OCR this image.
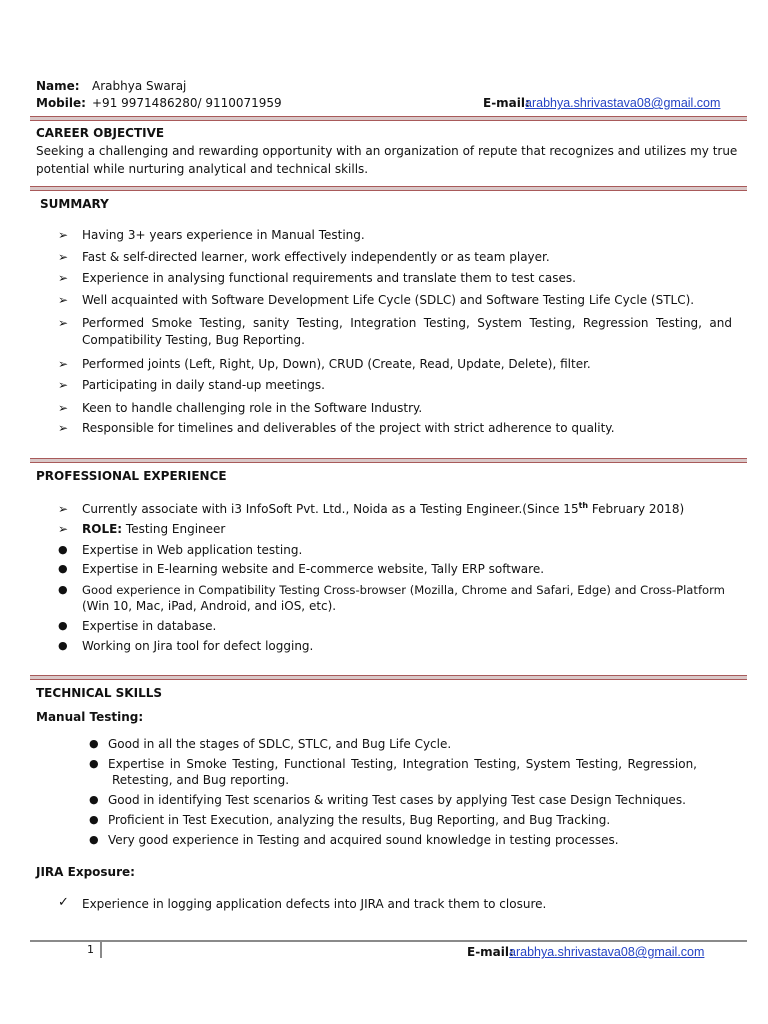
Name: Arabhya Swaraj
Mobile: +91 9971486280/ 9110071959	E-mail:
arabhya.shrivastava08@gmail.com
CAREER OBJECTIVE
Seeking a challenging and rewarding opportunity with an organization of repute that recognizes and utilizes my true
potential while nurturing analytical and technical skills.
SUMMARY
➢ Having 3+ years experience in Manual Testing.
➢ Fast & self-directed learner, work effectively independently or as team player.
➢ Experience in analysing functional requirements and translate them to test cases.
➢ Well acquainted with Software Development Life Cycle (SDLC) and Software Testing Life Cycle (STLC).
➢ Performed Smoke Testing, sanity Testing, Integration Testing, System Testing, Regression Testing, and
Compatibility Testing, Bug Reporting.
➢ Performed joints (Left, Right, Up, Down), CRUD (Create, Read, Update, Delete), filter.
➢ Participating in daily stand-up meetings.
➢ Keen to handle challenging role in the Software Industry.
➢ Responsible for timelines and deliverables of the project with strict adherence to quality.
PROFESSIONAL EXPERIENCE
➢ Currently associate with i3 InfoSoft Pvt. Ltd., Noida as a Testing Engineer.(Since 15th February 2018)
➢ ROLE: Testing Engineer
● Expertise in Web application testing.
● Expertise in E-learning website and E-commerce website, Tally ERP software.
● Good experience in Compatibility Testing Cross-browser (Mozilla, Chrome and Safari, Edge) and Cross-Platform
(Win 10, Mac, iPad, Android, and iOS, etc).
● Expertise in database.
● Working on Jira tool for defect logging.
TECHNICAL SKILLS
Manual Testing:
● Good in all the stages of SDLC, STLC, and Bug Life Cycle.
● Expertise in Smoke Testing, Functional Testing, Integration Testing, System Testing, Regression,
Retesting, and Bug reporting.
● Good in identifying Test scenarios & writing Test cases by applying Test case Design Techniques.
● Proficient in Test Execution, analyzing the results, Bug Reporting, and Bug Tracking.
● Very good experience in Testing and acquired sound knowledge in testing processes.
JIRA Exposure:
✓ Experience in logging application defects into JIRA and track them to closure.
1	E-mail:
arabhya.shrivastava08@gmail.com
